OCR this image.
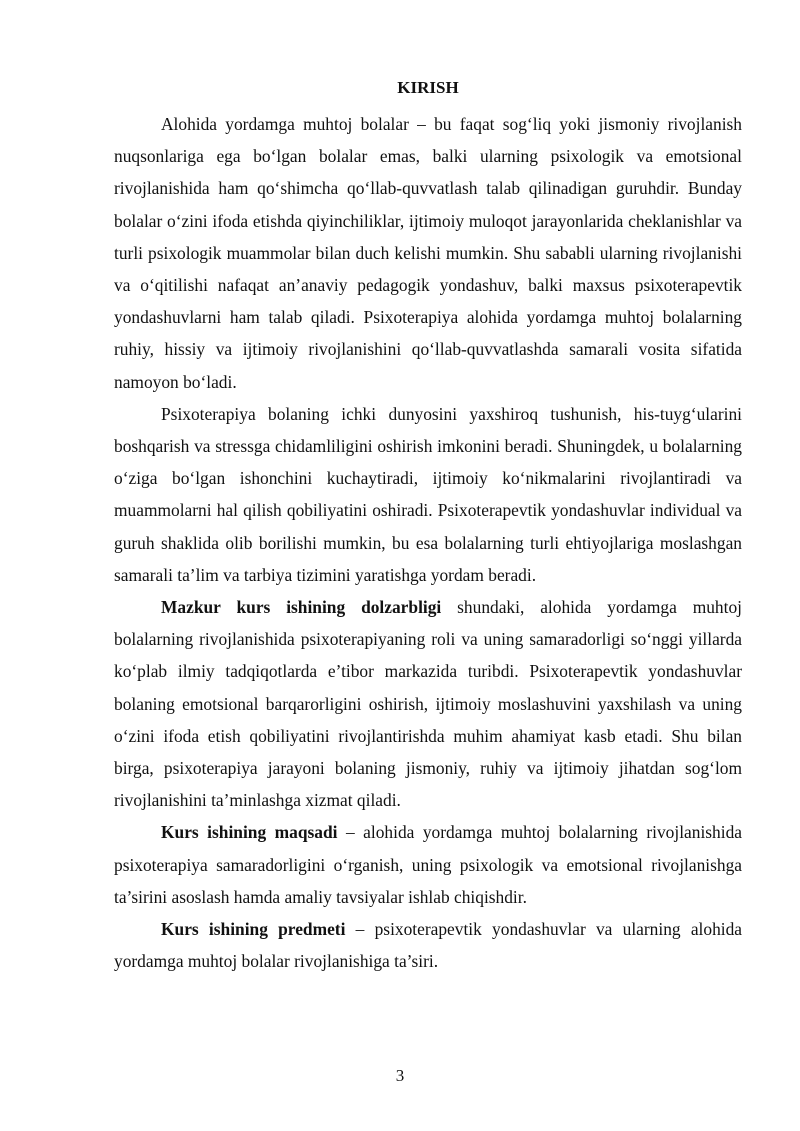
KIRISH

Alohida yordamga muhtoj bolalar – bu faqat sog‘liq yoki jismoniy rivojlanish nuqsonlariga ega bo‘lgan bolalar emas, balki ularning psixologik va emotsional rivojlanishida ham qo‘shimcha qo‘llab-quvvatlash talab qilinadigan guruhdir. Bunday bolalar o‘zini ifoda etishda qiyinchiliklar, ijtimoiy muloqot jarayonlarida cheklanishlar va turli psixologik muammolar bilan duch kelishi mumkin. Shu sababli ularning rivojlanishi va o‘qitilishi nafaqat an’anaviy pedagogik yondashuv, balki maxsus psixoterapevtik yondashuvlarni ham talab qiladi. Psixoterapiya alohida yordamga muhtoj bolalarning ruhiy, hissiy va ijtimoiy rivojlanishini qo‘llab-quvvatlashda samarali vosita sifatida namoyon bo‘ladi.

Psixoterapiya bolaning ichki dunyosini yaxshiroq tushunish, his-tuyg‘ularini boshqarish va stressga chidamliligini oshirish imkonini beradi. Shuningdek, u bolalarning o‘ziga bo‘lgan ishonchini kuchaytiradi, ijtimoiy ko‘nikmalarini rivojlantiradi va muammolarni hal qilish qobiliyatini oshiradi. Psixoterapevtik yondashuvlar individual va guruh shaklida olib borilishi mumkin, bu esa bolalarning turli ehtiyojlariga moslashgan samarali ta’lim va tarbiya tizimini yaratishga yordam beradi.

Mazkur kurs ishining dolzarbligi shundaki, alohida yordamga muhtoj bolalarning rivojlanishida psixoterapiyaning roli va uning samaradorligi so‘nggi yillarda ko‘plab ilmiy tadqiqotlarda e’tibor markazida turibdi. Psixoterapevtik yondashuvlar bolaning emotsional barqarorligini oshirish, ijtimoiy moslashuvini yaxshilash va uning o‘zini ifoda etish qobiliyatini rivojlantirishda muhim ahamiyat kasb etadi. Shu bilan birga, psixoterapiya jarayoni bolaning jismoniy, ruhiy va ijtimoiy jihatdan sog‘lom rivojlanishini ta’minlashga xizmat qiladi.

Kurs ishining maqsadi – alohida yordamga muhtoj bolalarning rivojlanishida psixoterapiya samaradorligini o‘rganish, uning psixologik va emotsional rivojlanishga ta’sirini asoslash hamda amaliy tavsiyalar ishlab chiqishdir.

Kurs ishining predmeti – psixoterapevtik yondashuvlar va ularning alohida yordamga muhtoj bolalar rivojlanishiga ta’siri.

3
